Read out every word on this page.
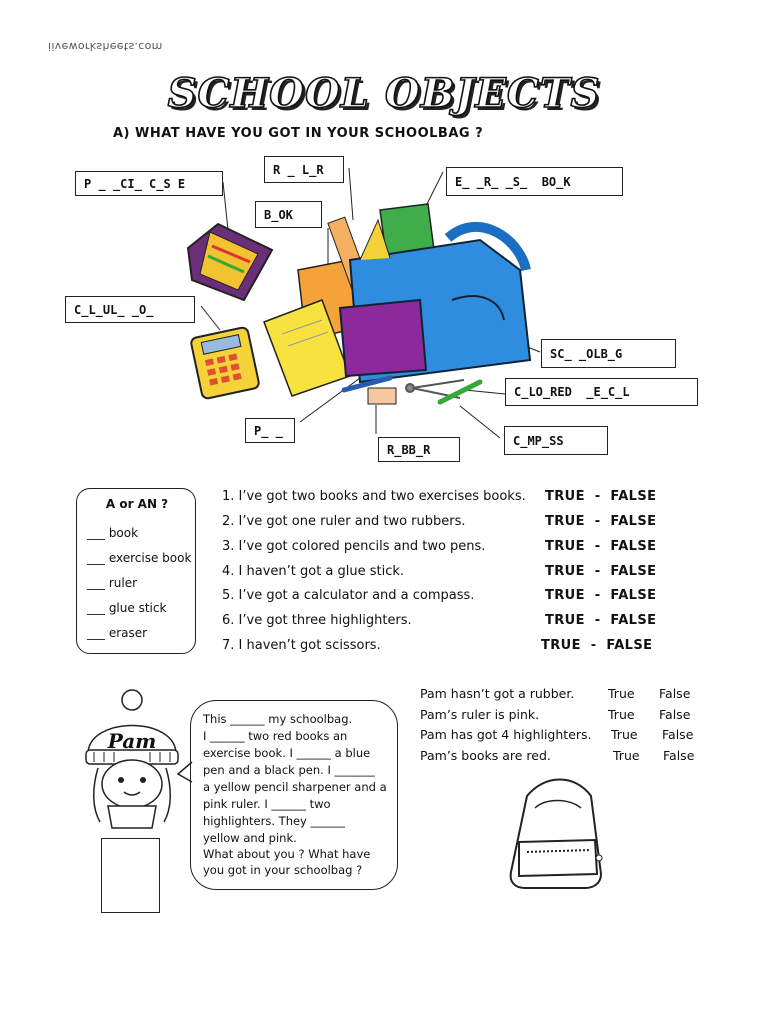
iiveworksheets.com
SCHOOL OBJECTS
A) WHAT HAVE YOU GOT IN YOUR SCHOOLBAG ?
P _ _CI_ C_S E
R _ L_R
B_OK
E_ _R_ _S_  BO_K
C_L_UL_ _O_
SC_ _OLB_G
C_LO_RED  _E_C_L
P_ _
R_BB_R
C_MP_SS
A or AN ?
___ book
___ exercise book
___ ruler
___ glue stick
___ eraser
1. I’ve got two books and two exercises books. TRUE  -  FALSE
2. I’ve got one ruler and two rubbers.	TRUE  -  FALSE
3. I’ve got colored pencils and two pens.	TRUE  -  FALSE
4. I haven’t got a glue stick.	TRUE  -  FALSE
5. I’ve got a calculator and a compass.	TRUE  -  FALSE
6. I’ve got three highlighters.	TRUE  -  FALSE
7. I haven’t got scissors.	TRUE  -  FALSE
Pam
This ______ my schoolbag.
I ______ two red books an
exercise book. I ______ a blue
pen and a black pen. I _______
a yellow pencil sharpener and a
pink ruler. I ______ two
highlighters. They ______
yellow and pink.
What about you ? What have
you got in your schoolbag ?
Pam hasn’t got a rubber.	True False
Pam’s ruler is pink.	True False
Pam has got 4 highlighters. True False
Pam’s books are red.	True False
